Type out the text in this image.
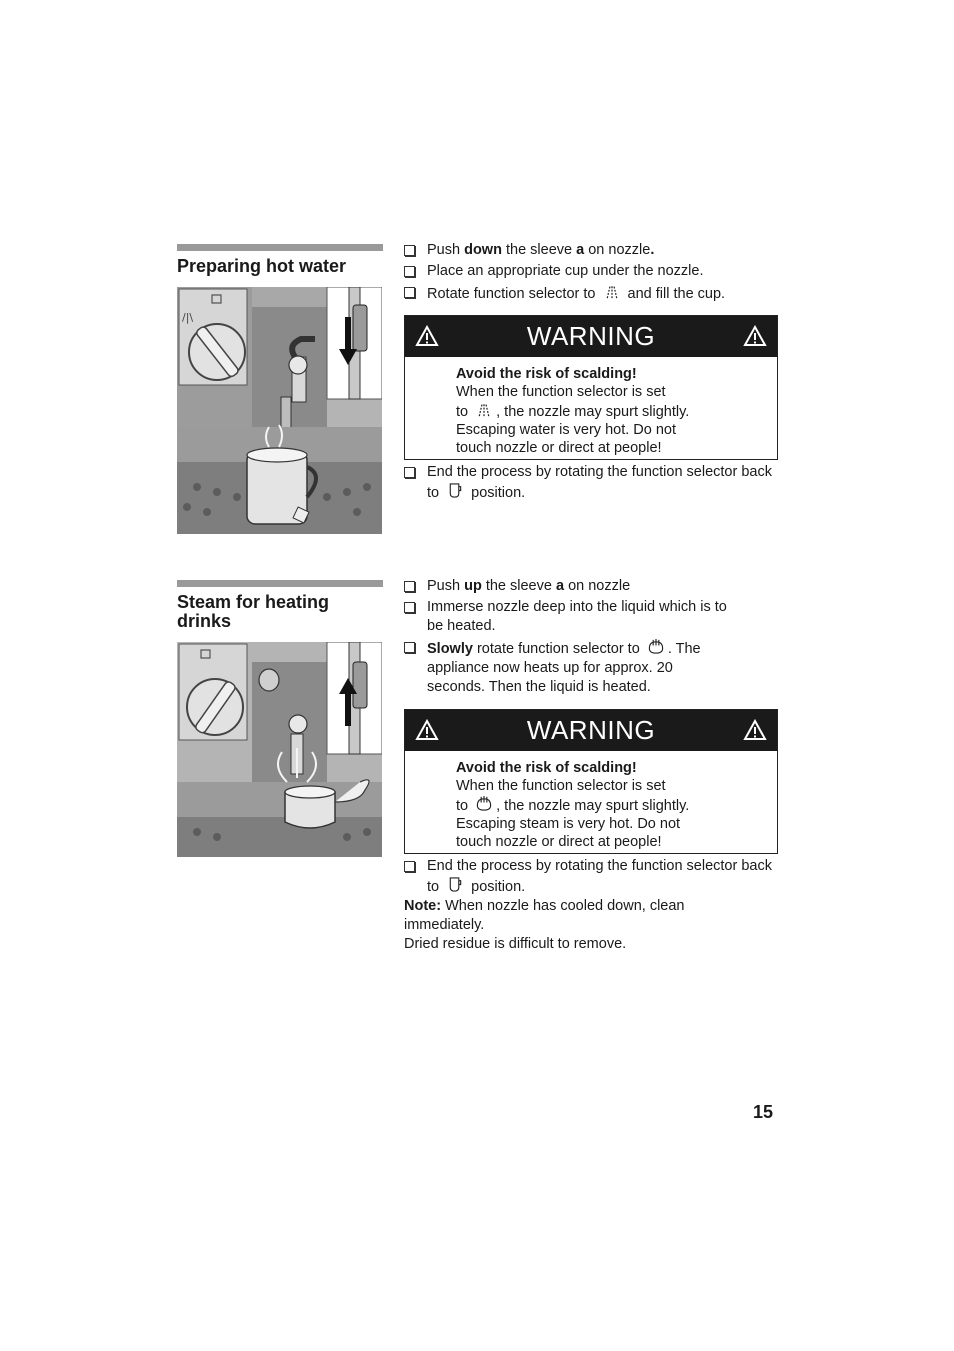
Preparing hot water
/|\
Push down the sleeve a on nozzle.
Place an appropriate cup under the nozzle.
Rotate function selector to  and fill the cup.
WARNING
Avoid the risk of scalding!
When the function selector is set
to , the nozzle may spurt slightly.
Escaping water is very hot. Do not
touch nozzle or direct at people!
End the process by rotating the function selector back to  position.
Steam for heating drinks
Push up the sleeve a on nozzle
Immerse nozzle deep into the liquid which is to be heated.
Slowly rotate function selector to . The appliance now heats up for approx. 20 seconds. Then the liquid is heated.
WARNING
Avoid the risk of scalding!
When the function selector is set
to , the nozzle may spurt slightly.
Escaping steam is very hot. Do not
touch nozzle or direct at people!
End the process by rotating the function selector back to  position.
Note: When nozzle has cooled down, clean immediately.
Dried residue is difficult to remove.
15
